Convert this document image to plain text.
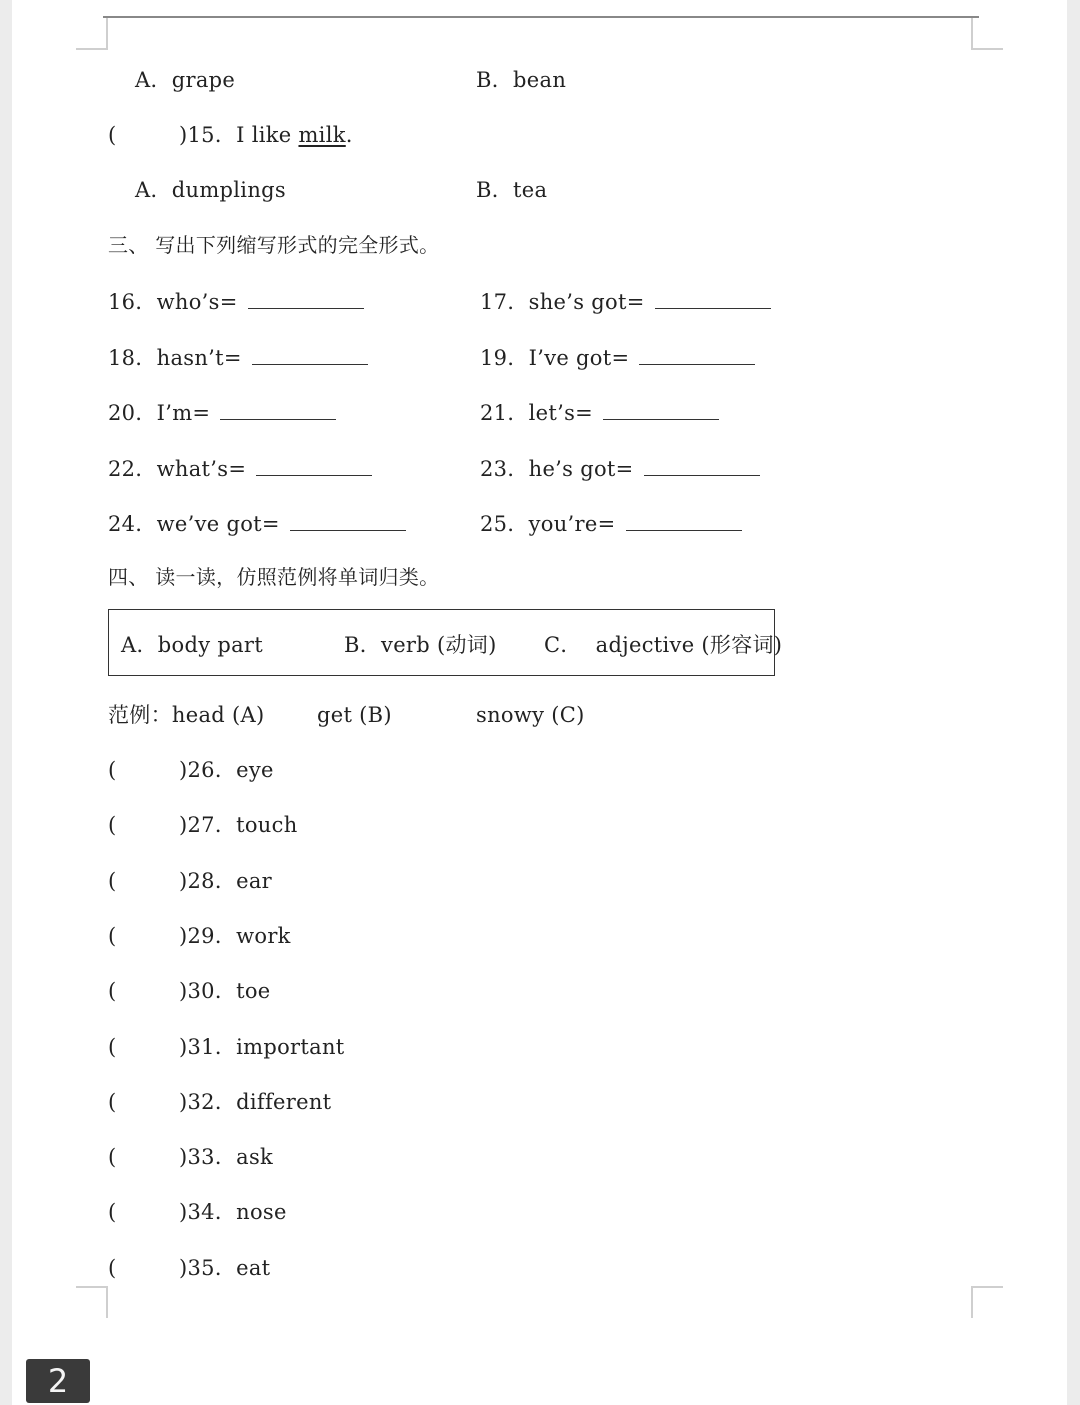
A．grape	B．bean
(	)15．I like milk.
A．dumplings	B．tea
三、 写出下列缩写形式的完全形式。
16．who’s=	17．she’s got=
18．hasn’t=	19．I’ve got=
20．I’m=	21．let’s=
22．what’s=	23．he’s got=
24．we’ve got=	25．you’re=
四、 读一读，仿照范例将单词归类。
A．body part	B．verb (动词) C．  adjective (形容词)
范例：head (A)	get (B)	snowy (C)
(	)26．eye
(	)27．touch
(	)28．ear
(	)29．work
(	)30．toe
(	)31．important
(	)32．different
(	)33．ask
(	)34．nose
(	)35．eat
2
